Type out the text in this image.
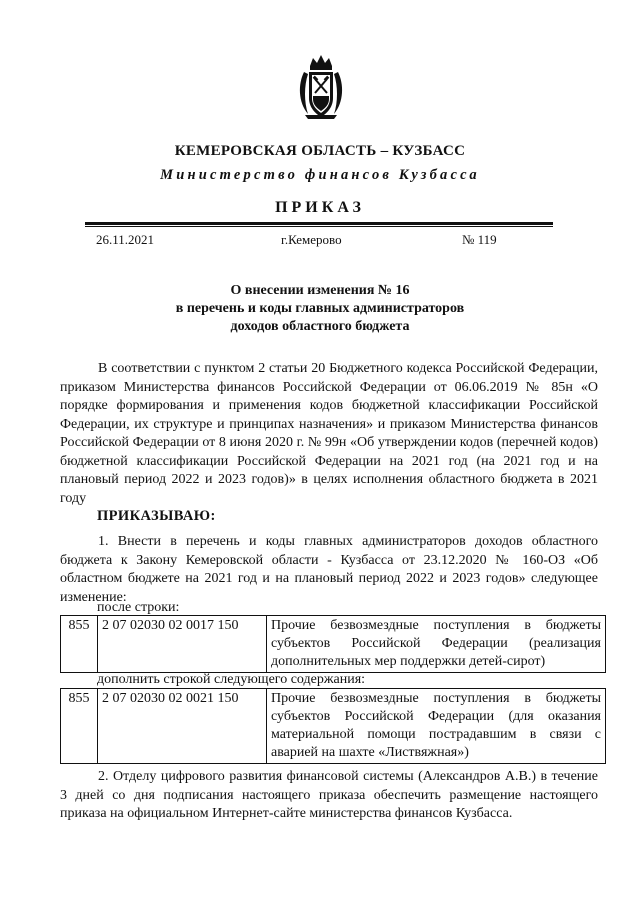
КЕМЕРОВСКАЯ ОБЛАСТЬ – КУЗБАСС
Министерство финансов Кузбасса
ПРИКАЗ
26.11.2021	г.Кемерово	№ 119
О внесении изменения № 16
в перечень и коды главных администраторов
доходов областного бюджета
В соответствии с пунктом 2 статьи 20 Бюджетного кодекса Российской Федерации, приказом Министерства финансов Российской Федерации от 06.06.2019 № 85н «О порядке формирования и применения кодов бюджетной классификации Российской Федерации, их структуре и принципах назначения» и приказом Министерства финансов Российской Федерации от 8 июня 2020 г. № 99н «Об утверждении кодов (перечней кодов) бюджетной классификации Российской Федерации на 2021 год (на 2021 год и на плановый период 2022 и 2023 годов)» в целях исполнения областного бюджета в 2021 году
ПРИКАЗЫВАЮ:
1. Внести в перечень и коды главных администраторов доходов областного бюджета к Закону Кемеровской области - Кузбасса от 23.12.2020 № 160-ОЗ «Об областном бюджете на 2021 год и на плановый период 2022 и 2023 годов» следующее изменение:
после строки:
855	2 07 02030 02 0017 150	Прочие безвозмездные поступления в бюджеты субъектов Российской Федерации (реализация дополнительных мер поддержки детей-сирот)
дополнить строкой следующего содержания:
855	2 07 02030 02 0021 150	Прочие безвозмездные поступления в бюджеты субъектов Российской Федерации (для оказания материальной помощи пострадавшим в связи с аварией на шахте «Листвяжная»)
2. Отделу цифрового развития финансовой системы (Александров А.В.) в течение 3 дней со дня подписания настоящего приказа обеспечить размещение настоящего приказа на официальном Интернет-сайте министерства финансов Кузбасса.
